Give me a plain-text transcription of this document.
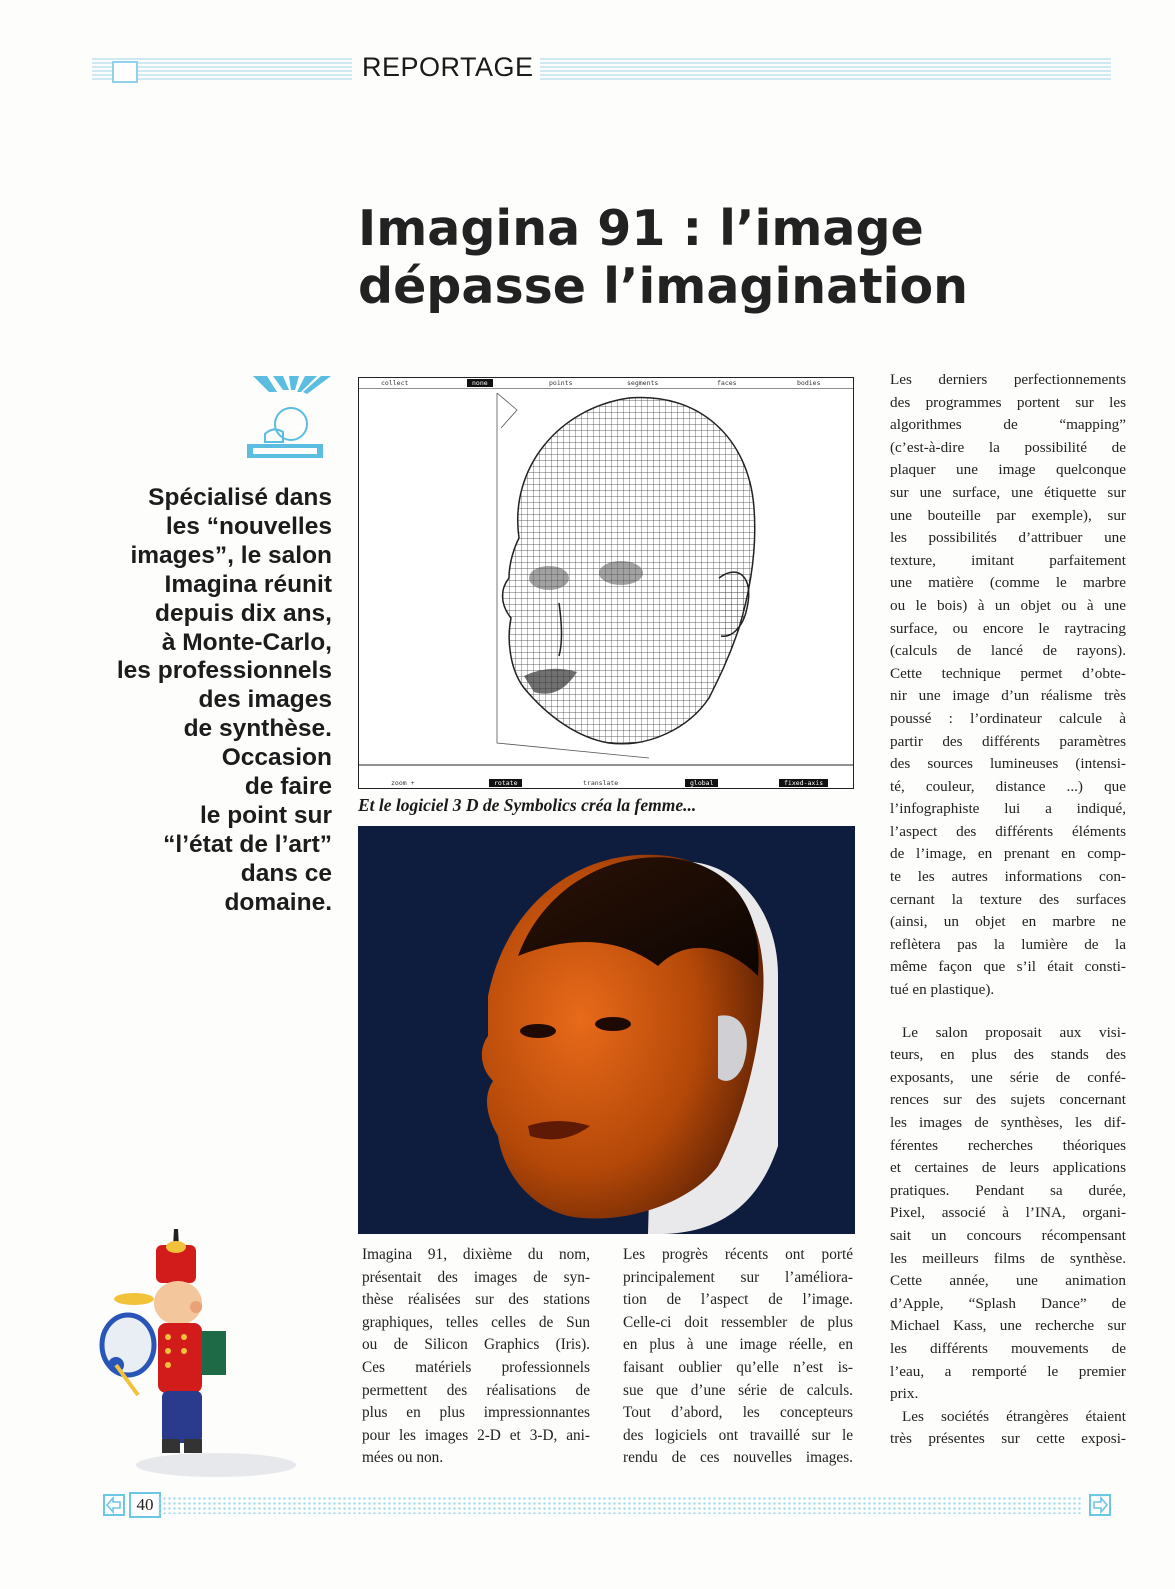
REPORTAGE
Imagina 91 : l’image
dépasse l’imagination
Spécialisé dans
les “nouvelles
images”, le salon
Imagina réunit
depuis dix ans,
à Monte-Carlo,
les professionnels
des images
de synthèse.
Occasion
de faire
le point sur
“l’état de l’art”
dans ce
domaine.
collect	none	points	segments	faces	bodies
zoom +	rotate	translate	global	fixed-axis
Et le logiciel 3 D de Symbolics créa la femme...
Imagina 91, dixième du nom,
présentait des images de syn-
thèse réalisées sur des stations
graphiques, telles celles de Sun
ou de Silicon Graphics (Iris).
Ces matériels professionnels
permettent des réalisations de
plus en plus impressionnantes
pour les images 2-D et 3-D, ani-
mées ou non.
Les progrès récents ont porté
principalement sur l’améliora-
tion de l’aspect de l’image.
Celle-ci doit ressembler de plus
en plus à une image réelle, en
faisant oublier qu’elle n’est is-
sue que d’une série de calculs.
Tout d’abord, les concepteurs
des logiciels ont travaillé sur le
rendu de ces nouvelles images.
Les derniers perfectionnements
des programmes portent sur les
algorithmes de “mapping”
(c’est-à-dire la possibilité de
plaquer une image quelconque
sur une surface, une étiquette sur
une bouteille par exemple), sur
les possibilités d’attribuer une
texture, imitant parfaitement
une matière (comme le marbre
ou le bois) à un objet ou à une
surface, ou encore le raytracing
(calculs de lancé de rayons).
Cette technique permet d’obte-
nir une image d’un réalisme très
poussé : l’ordinateur calcule à
partir des différents paramètres
des sources lumineuses (intensi-
té, couleur, distance ...) que
l’infographiste lui a indiqué,
l’aspect des différents éléments
de l’image, en prenant en comp-
te les autres informations con-
cernant la texture des surfaces
(ainsi, un objet en marbre ne
reflètera pas la lumière de la
même façon que s’il était consti-
tué en plastique).
Le salon proposait aux visi-
teurs, en plus des stands des
exposants, une série de confé-
rences sur des sujets concernant
les images de synthèses, les dif-
férentes recherches théoriques
et certaines de leurs applications
pratiques. Pendant sa durée,
Pixel, associé à l’INA, organi-
sait un concours récompensant
les meilleurs films de synthèse.
Cette année, une animation
d’Apple, “Splash Dance” de
Michael Kass, une recherche sur
les différents mouvements de
l’eau, a remporté le premier
prix.
Les sociétés étrangères étaient
très présentes sur cette exposi-
40
